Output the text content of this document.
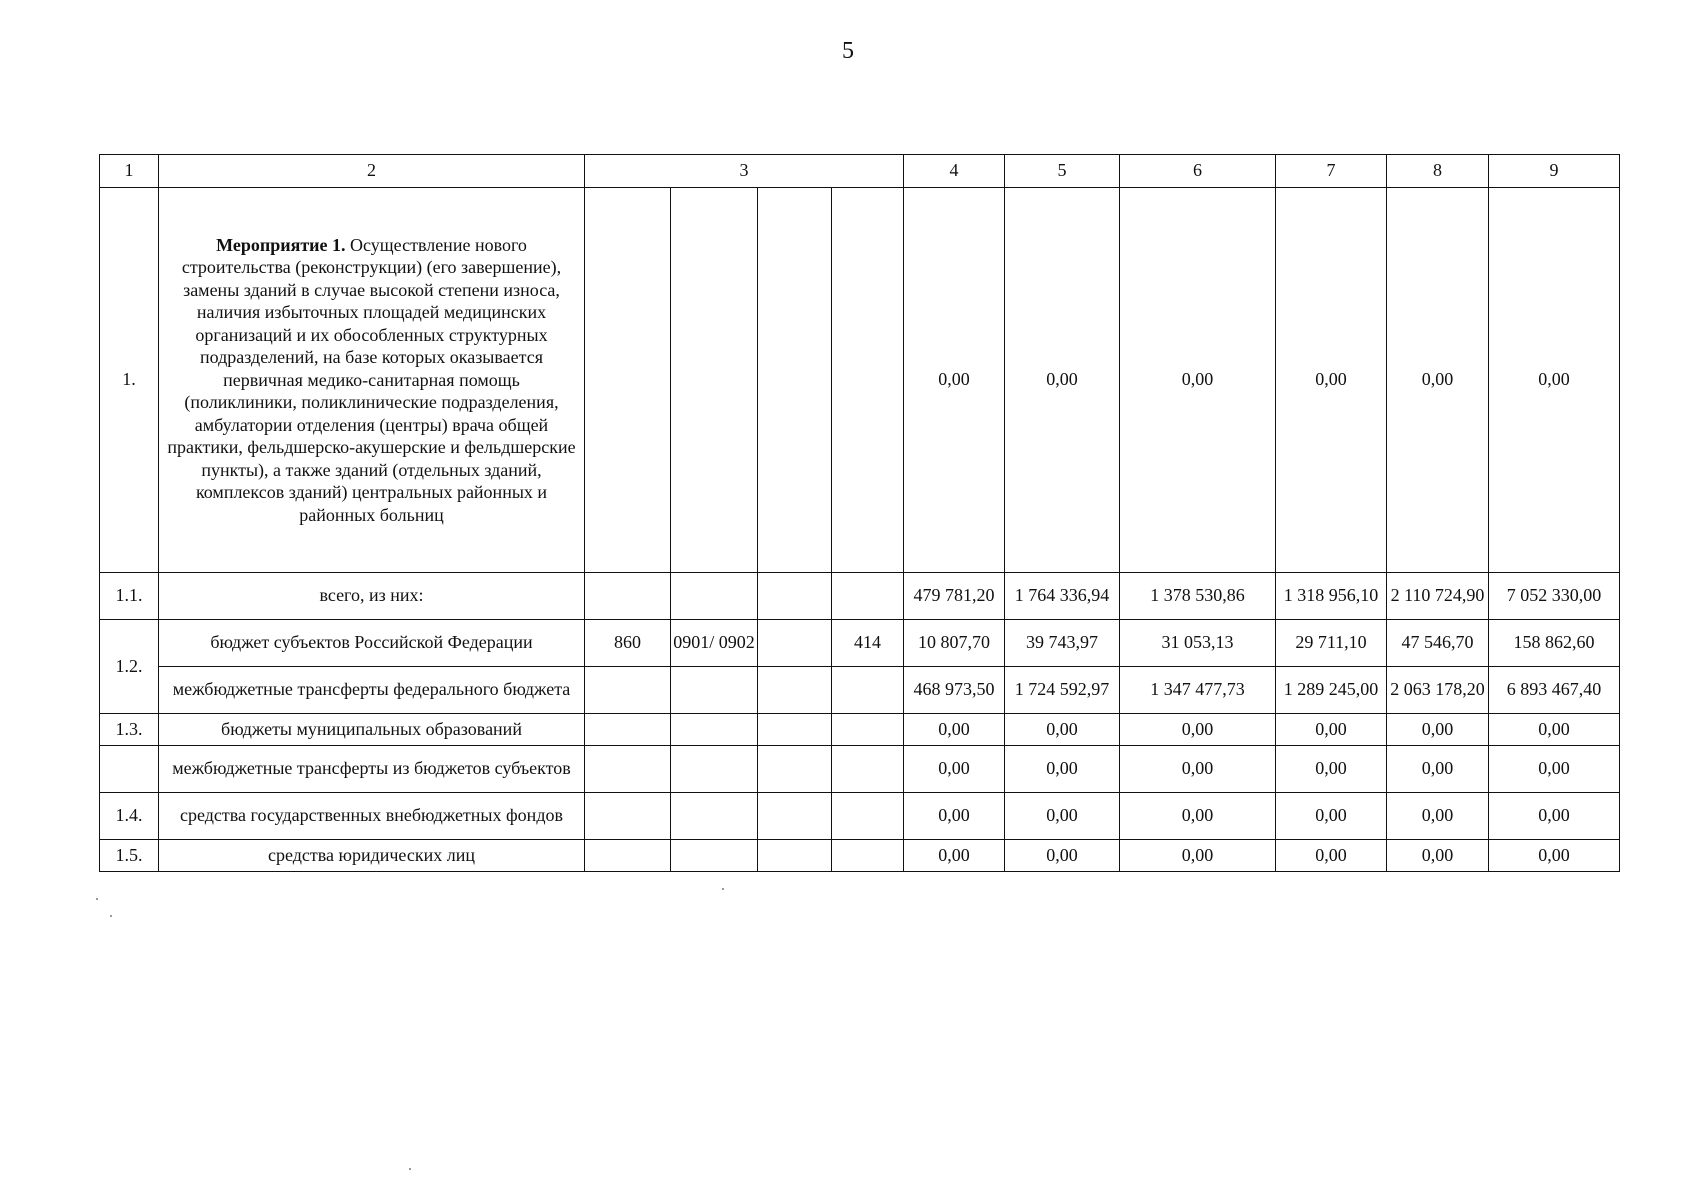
5
1	2	3				4	5	6	7	8	9
1.	Мероприятие 1. Осуществление нового строительства (реконструкции) (его завершение), замены зданий в случае высокой степени износа, наличия избыточных площадей медицинских организаций и их обособленных структурных подразделений, на базе которых оказывается первичная медико-санитарная помощь (поликлиники, поликлинические подразделения, амбулатории отделения (центры) врача общей практики, фельдшерско-акушерские и фельдшерские пункты), а также зданий (отдельных зданий, комплексов зданий) центральных районных и районных больниц					0,00	0,00	0,00	0,00	0,00	0,00
1.1.	всего, из них:					479 781,20	1 764 336,94	1 378 530,86	1 318 956,10	2 110 724,90	7 052 330,00
1.2.	бюджет субъектов Российской Федерации	860	0901/ 0902		414	10 807,70	39 743,97	31 053,13	29 711,10	47 546,70	158 862,60
	межбюджетные трансферты федерального бюджета					468 973,50	1 724 592,97	1 347 477,73	1 289 245,00	2 063 178,20	6 893 467,40
1.3.	бюджеты муниципальных образований					0,00	0,00	0,00	0,00	0,00	0,00
	межбюджетные трансферты из бюджетов субъектов					0,00	0,00	0,00	0,00	0,00	0,00
1.4.	средства государственных внебюджетных фондов					0,00	0,00	0,00	0,00	0,00	0,00
1.5.	средства юридических лиц					0,00	0,00	0,00	0,00	0,00	0,00
